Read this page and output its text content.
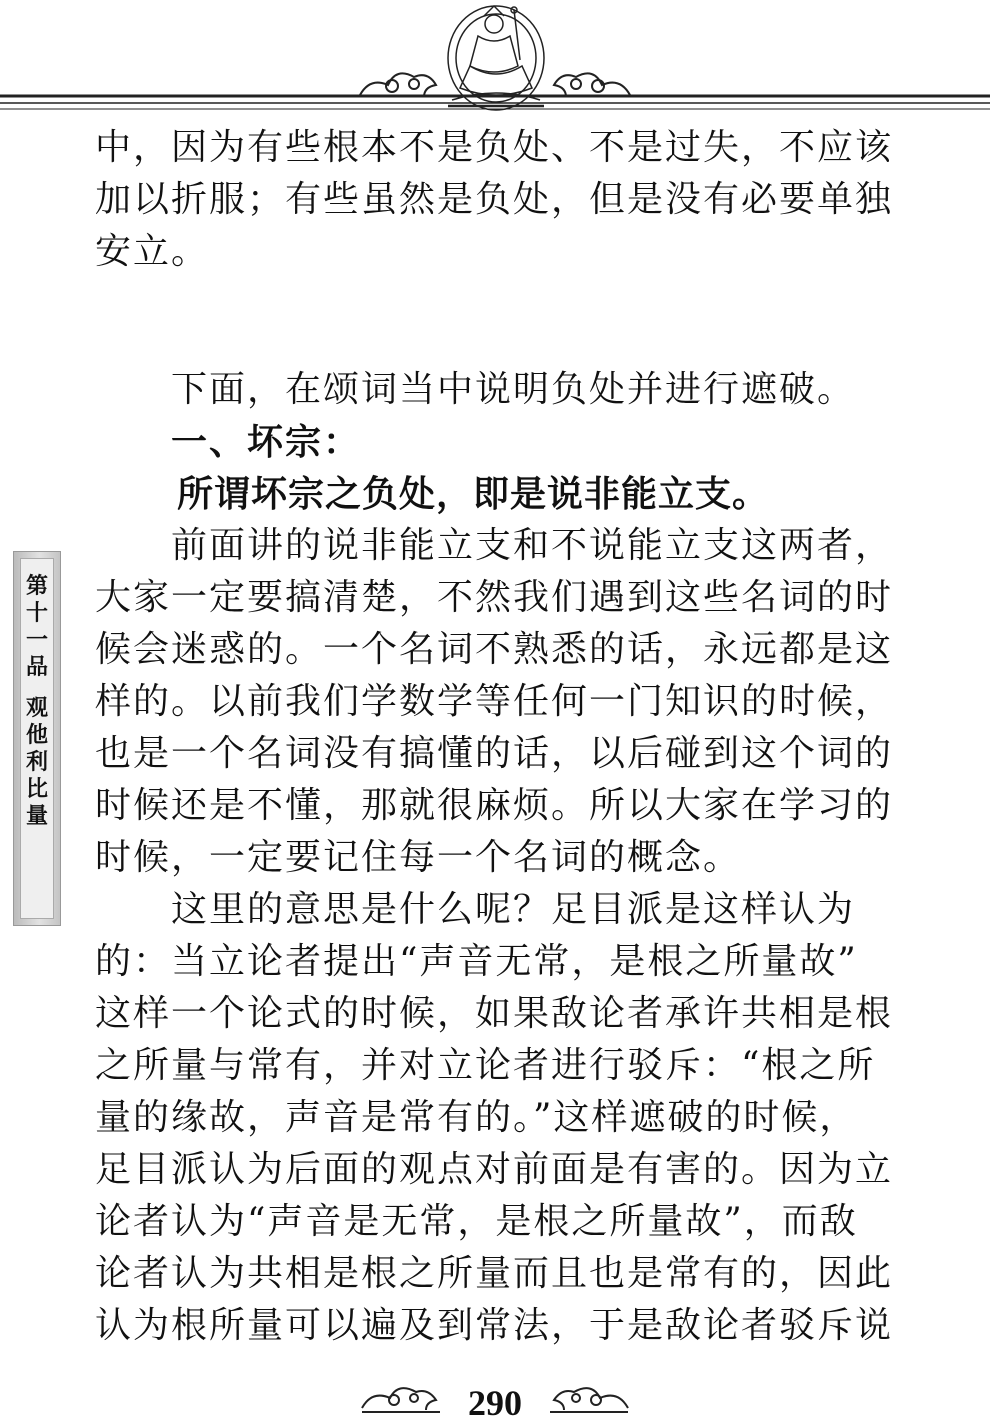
中，因为有些根本不是负处、不是过失，不应该
加以折服；有些虽然是负处，但是没有必要单独
安立。
下面，在颂词当中说明负处并进行遮破。
一、坏宗：
所谓坏宗之负处，即是说非能立支。
前面讲的说非能立支和不说能立支这两者，
大家一定要搞清楚，不然我们遇到这些名词的时
候会迷惑的。一个名词不熟悉的话，永远都是这
样的。以前我们学数学等任何一门知识的时候，
也是一个名词没有搞懂的话，以后碰到这个词的
时候还是不懂，那就很麻烦。所以大家在学习的
时候，一定要记住每一个名词的概念。
这里的意思是什么呢？足目派是这样认为
的：当立论者提出“声音无常，是根之所量故”
这样一个论式的时候，如果敌论者承许共相是根
之所量与常有，并对立论者进行驳斥：“根之所
量的缘故，声音是常有的。”这样遮破的时候，
足目派认为后面的观点对前面是有害的。因为立
论者认为“声音是无常，是根之所量故”，而敌
论者认为共相是根之所量而且也是常有的，因此
认为根所量可以遍及到常法，于是敌论者驳斥说
第
十
一
品
观
他
利
比
量
290
